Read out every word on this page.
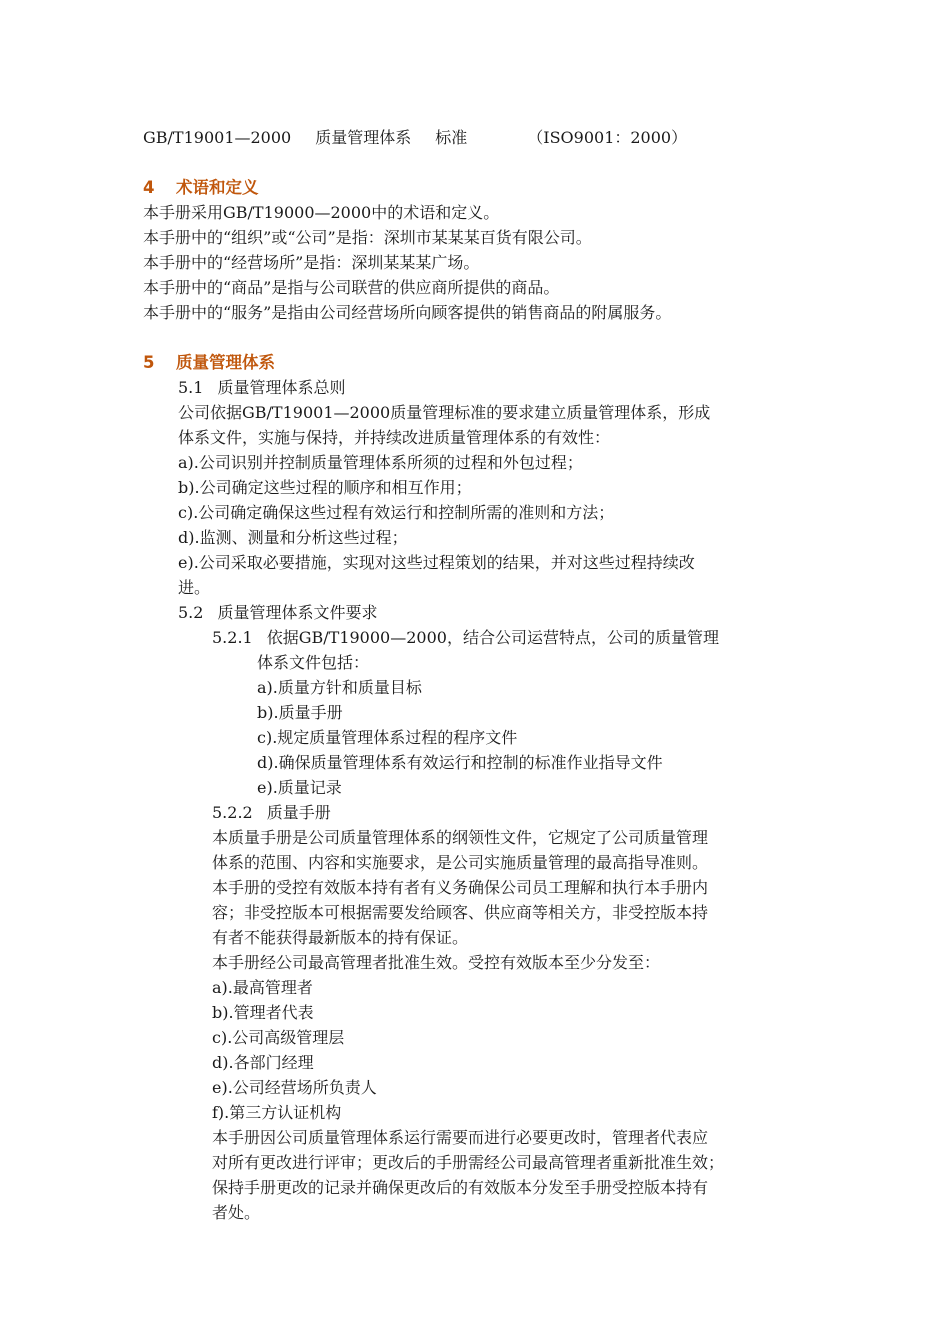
GB/T19001—2000 质量管理体系 标准	（ISO9001：2000）
4 术语和定义
本手册采用GB/T19000—2000中的术语和定义。
本手册中的“组织”或“公司”是指：深圳市某某某百货有限公司。
本手册中的“经营场所”是指：深圳某某某广场。
本手册中的“商品”是指与公司联营的供应商所提供的商品。
本手册中的“服务”是指由公司经营场所向顾客提供的销售商品的附属服务。
5 质量管理体系
5.1 质量管理体系总则
公司依据GB/T19001—2000质量管理标准的要求建立质量管理体系，形成
体系文件，实施与保持，并持续改进质量管理体系的有效性：
a).公司识别并控制质量管理体系所须的过程和外包过程；
b).公司确定这些过程的顺序和相互作用；
c).公司确定确保这些过程有效运行和控制所需的准则和方法；
d).监测、测量和分析这些过程；
e).公司采取必要措施，实现对这些过程策划的结果，并对这些过程持续改
进。
5.2 质量管理体系文件要求
5.2.1 依据GB/T19000—2000，结合公司运营特点，公司的质量管理
体系文件包括：
a).质量方针和质量目标
b).质量手册
c).规定质量管理体系过程的程序文件
d).确保质量管理体系有效运行和控制的标准作业指导文件
e).质量记录
5.2.2 质量手册
本质量手册是公司质量管理体系的纲领性文件，它规定了公司质量管理
体系的范围、内容和实施要求，是公司实施质量管理的最高指导准则。
本手册的受控有效版本持有者有义务确保公司员工理解和执行本手册内
容；非受控版本可根据需要发给顾客、供应商等相关方，非受控版本持
有者不能获得最新版本的持有保证。
本手册经公司最高管理者批准生效。受控有效版本至少分发至：
a).最高管理者
b).管理者代表
c).公司高级管理层
d).各部门经理
e).公司经营场所负责人
f).第三方认证机构
本手册因公司质量管理体系运行需要而进行必要更改时，管理者代表应
对所有更改进行评审；更改后的手册需经公司最高管理者重新批准生效；
保持手册更改的记录并确保更改后的有效版本分发至手册受控版本持有
者处。
